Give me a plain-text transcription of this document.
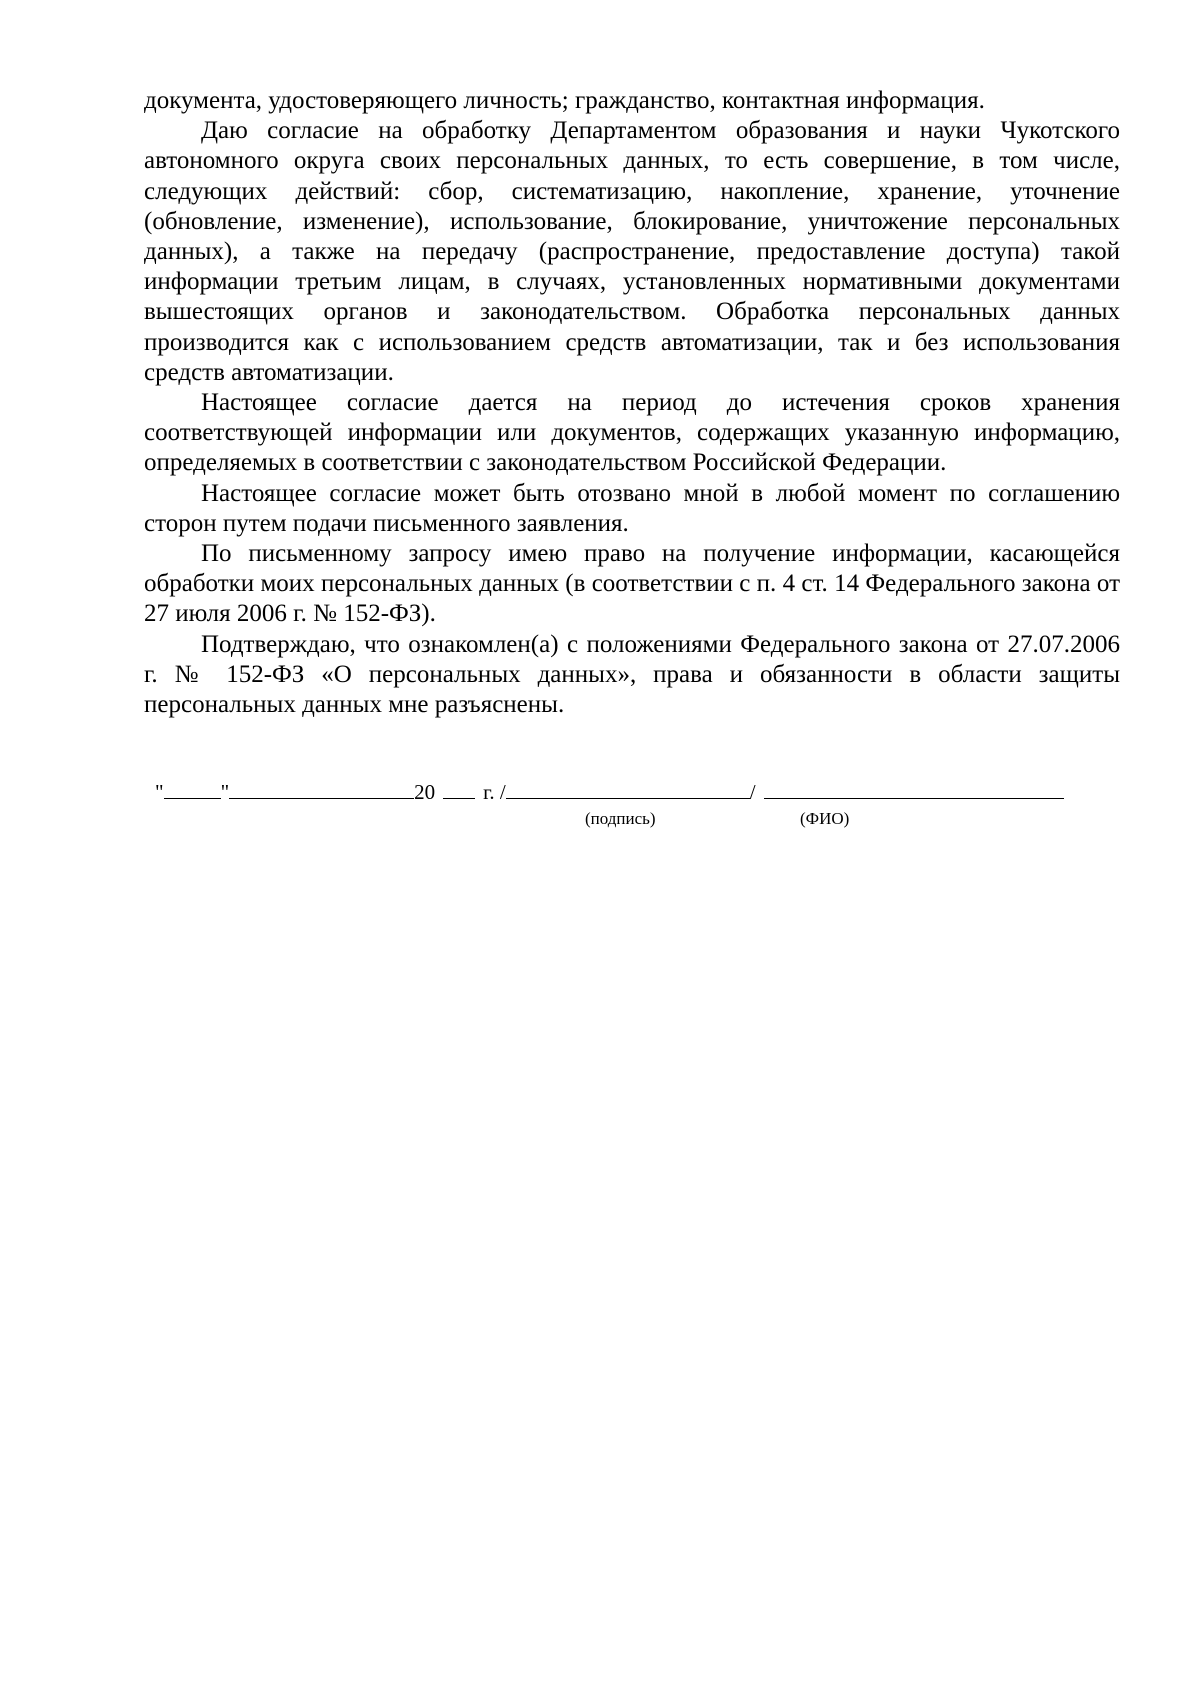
документа, удостоверяющего личность; гражданство, контактная информация.

Даю согласие на обработку Департаментом образования и науки Чукотского автономного округа своих персональных данных, то есть совершение, в том числе, следующих действий: сбор, систематизацию, накопление, хранение, уточнение (обновление, изменение), использование, блокирование, уничтожение персональных данных), а также на передачу (распространение, предоставление доступа) такой информации третьим лицам, в случаях, установленных нормативными документами вышестоящих органов и законодательством. Обработка персональных данных производится как с использованием средств автоматизации, так и без использования средств автоматизации.

Настоящее согласие дается на период до истечения сроков хранения соответствующей информации или документов, содержащих указанную информацию, определяемых в соответствии с законодательством Российской Федерации.

Настоящее согласие может быть отозвано мной в любой момент по соглашению сторон путем подачи письменного заявления.

По письменному запросу имею право на получение информации, касающейся обработки моих персональных данных (в соответствии с п. 4 ст. 14 Федерального закона от 27 июля 2006 г. № 152-ФЗ).

Подтверждаю, что ознакомлен(а) с положениями Федерального закона от 27.07.2006 г. № 152-ФЗ «О персональных данных», права и обязанности в области защиты персональных данных мне разъяснены.

"	"	20 г. /	/
(подпись)	(ФИО)
